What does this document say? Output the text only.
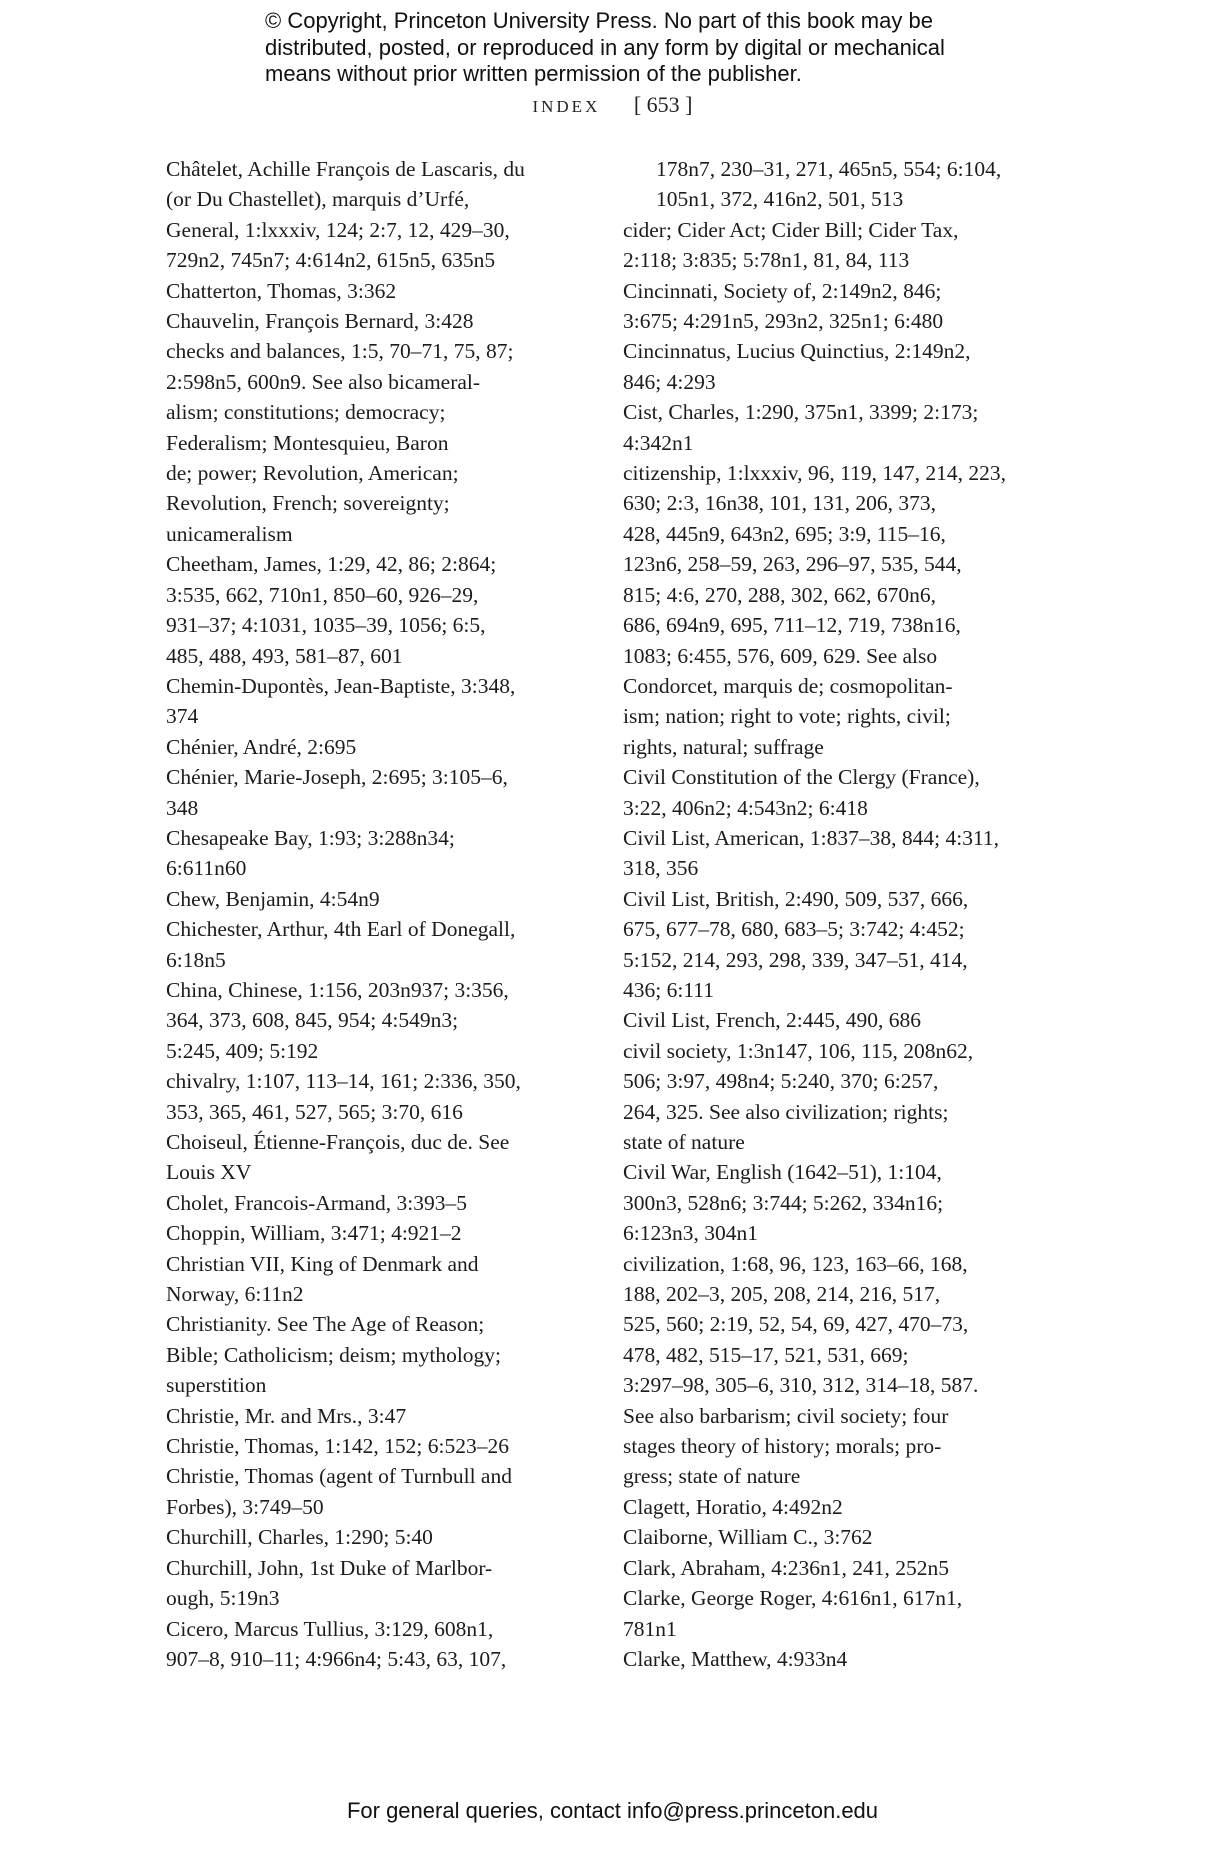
© Copyright, Princeton University Press. No part of this book may be
distributed, posted, or reproduced in any form by digital or mechanical
means without prior written permission of the publisher.
INDEX [ 653 ]
Châtelet, Achille François de Lascaris, du
(or Du Chastellet), marquis d’Urfé,
General, 1:lxxxiv, 124; 2:7, 12, 429–30,
729n2, 745n7; 4:614n2, 615n5, 635n5
Chatterton, Thomas, 3:362
Chauvelin, François Bernard, 3:428
checks and balances, 1:5, 70–71, 75, 87;
2:598n5, 600n9. See also bicameral-
alism; constitutions; democracy;
Federalism; Montesquieu, Baron
de; power; Revolution, American;
Revolution, French; sovereignty;
unicameralism
Cheetham, James, 1:29, 42, 86; 2:864;
3:535, 662, 710n1, 850–60, 926–29,
931–37; 4:1031, 1035–39, 1056; 6:5,
485, 488, 493, 581–87, 601
Chemin-Dupontès, Jean-Baptiste, 3:348,
374
Chénier, André, 2:695
Chénier, Marie-Joseph, 2:695; 3:105–6,
348
Chesapeake Bay, 1:93; 3:288n34;
6:611n60
Chew, Benjamin, 4:54n9
Chichester, Arthur, 4th Earl of Donegall,
6:18n5
China, Chinese, 1:156, 203n937; 3:356,
364, 373, 608, 845, 954; 4:549n3;
5:245, 409; 5:192
chivalry, 1:107, 113–14, 161; 2:336, 350,
353, 365, 461, 527, 565; 3:70, 616
Choiseul, Étienne-François, duc de. See
Louis XV
Cholet, Francois-Armand, 3:393–5
Choppin, William, 3:471; 4:921–2
Christian VII, King of Denmark and
Norway, 6:11n2
Christianity. See The Age of Reason;
Bible; Catholicism; deism; mythology;
superstition
Christie, Mr. and Mrs., 3:47
Christie, Thomas, 1:142, 152; 6:523–26
Christie, Thomas (agent of Turnbull and
Forbes), 3:749–50
Churchill, Charles, 1:290; 5:40
Churchill, John, 1st Duke of Marlbor-
ough, 5:19n3
Cicero, Marcus Tullius, 3:129, 608n1,
907–8, 910–11; 4:966n4; 5:43, 63, 107,
178n7, 230–31, 271, 465n5, 554; 6:104,
105n1, 372, 416n2, 501, 513
cider; Cider Act; Cider Bill; Cider Tax,
2:118; 3:835; 5:78n1, 81, 84, 113
Cincinnati, Society of, 2:149n2, 846;
3:675; 4:291n5, 293n2, 325n1; 6:480
Cincinnatus, Lucius Quinctius, 2:149n2,
846; 4:293
Cist, Charles, 1:290, 375n1, 3399; 2:173;
4:342n1
citizenship, 1:lxxxiv, 96, 119, 147, 214, 223,
630; 2:3, 16n38, 101, 131, 206, 373,
428, 445n9, 643n2, 695; 3:9, 115–16,
123n6, 258–59, 263, 296–97, 535, 544,
815; 4:6, 270, 288, 302, 662, 670n6,
686, 694n9, 695, 711–12, 719, 738n16,
1083; 6:455, 576, 609, 629. See also
Condorcet, marquis de; cosmopolitan-
ism; nation; right to vote; rights, civil;
rights, natural; suffrage
Civil Constitution of the Clergy (France),
3:22, 406n2; 4:543n2; 6:418
Civil List, American, 1:837–38, 844; 4:311,
318, 356
Civil List, British, 2:490, 509, 537, 666,
675, 677–78, 680, 683–5; 3:742; 4:452;
5:152, 214, 293, 298, 339, 347–51, 414,
436; 6:111
Civil List, French, 2:445, 490, 686
civil society, 1:3n147, 106, 115, 208n62,
506; 3:97, 498n4; 5:240, 370; 6:257,
264, 325. See also civilization; rights;
state of nature
Civil War, English (1642–51), 1:104,
300n3, 528n6; 3:744; 5:262, 334n16;
6:123n3, 304n1
civilization, 1:68, 96, 123, 163–66, 168,
188, 202–3, 205, 208, 214, 216, 517,
525, 560; 2:19, 52, 54, 69, 427, 470–73,
478, 482, 515–17, 521, 531, 669;
3:297–98, 305–6, 310, 312, 314–18, 587.
See also barbarism; civil society; four
stages theory of history; morals; pro-
gress; state of nature
Clagett, Horatio, 4:492n2
Claiborne, William C., 3:762
Clark, Abraham, 4:236n1, 241, 252n5
Clarke, George Roger, 4:616n1, 617n1,
781n1
Clarke, Matthew, 4:933n4
For general queries, contact info@press.princeton.edu
